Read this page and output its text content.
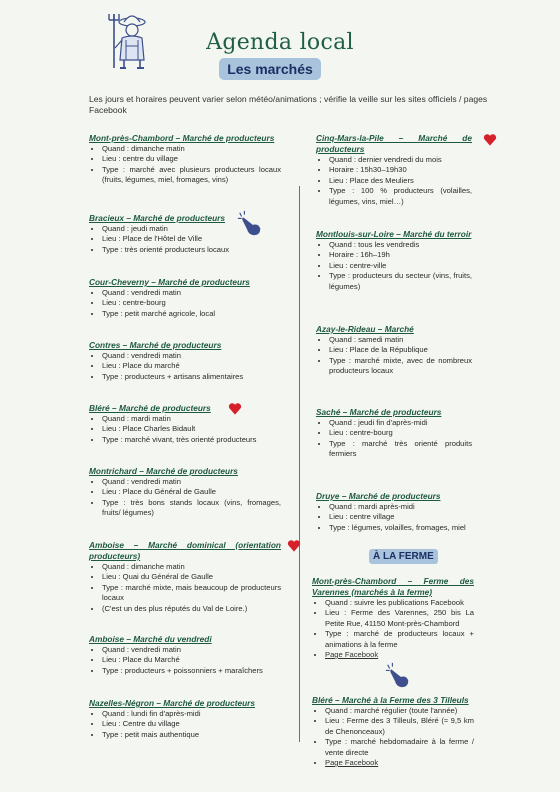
Agenda local
Les marchés
Les jours et horaires peuvent varier selon météo/animations ; vérifie la veille sur les sites officiels / pages Facebook
Mont-près-Chambord – Marché de producteurs
• Quand : dimanche matin
• Lieu : centre du village
• Type : marché avec plusieurs producteurs locaux (fruits, légumes, miel, fromages, vins)
Bracieux – Marché de producteurs
• Quand : jeudi matin
• Lieu : Place de l'Hôtel de Ville
• Type : très orienté producteurs locaux
Cour-Cheverny – Marché de producteurs
• Quand : vendredi matin
• Lieu : centre-bourg
• Type : petit marché agricole, local
Contres – Marché de producteurs
• Quand : vendredi matin
• Lieu : Place du marché
• Type : producteurs + artisans alimentaires
Bléré – Marché de producteurs
• Quand : mardi matin
• Lieu : Place Charles Bidault
• Type : marché vivant, très orienté producteurs
Montrichard – Marché de producteurs
• Quand : vendredi matin
• Lieu : Place du Général de Gaulle
• Type : très bons stands locaux (vins, fromages, fruits/ légumes)
Amboise – Marché dominical (orientation producteurs)
• Quand : dimanche matin
• Lieu : Quai du Général de Gaulle
• Type : marché mixte, mais beaucoup de producteurs locaux
• (C'est un des plus réputés du Val de Loire.)
Amboise – Marché du vendredi
• Quand : vendredi matin
• Lieu : Place du Marché
• Type : producteurs + poissonniers + maraîchers
Nazelles-Négron – Marché de producteurs
• Quand : lundi fin d'après-midi
• Lieu : Centre du village
• Type : petit mais authentique
Cinq-Mars-la-Pile – Marché de producteurs
• Quand : dernier vendredi du mois
• Horaire : 15h30–19h30
• Lieu : Place des Meuliers
• Type : 100 % producteurs (volailles, légumes, vins, miel…)
Montlouis-sur-Loire – Marché du terroir
• Quand : tous les vendredis
• Horaire : 16h–19h
• Lieu : centre-ville
• Type : producteurs du secteur (vins, fruits, légumes)
Azay-le-Rideau – Marché
• Quand : samedi matin
• Lieu : Place de la République
• Type : marché mixte, avec de nombreux producteurs locaux
Saché – Marché de producteurs
• Quand : jeudi fin d'après-midi
• Lieu : centre-bourg
• Type : marché très orienté produits fermiers
Druye – Marché de producteurs
• Quand : mardi après-midi
• Lieu : centre village
• Type : légumes, volailles, fromages, miel
À LA FERME
Mont-près-Chambord – Ferme des Varennes (marchés à la ferme)
• Quand : suivre les publications Facebook
• Lieu : Ferme des Varennes, 250 bis La Petite Rue, 41150 Mont-près-Chambord
• Type : marché de producteurs locaux + animations à la ferme
• Page Facebook
Bléré – Marché à la Ferme des 3 Tilleuls
• Quand : marché régulier (toute l'année)
• Lieu : Ferme des 3 Tilleuls, Bléré (≈ 9,5 km de Chenonceaux)
• Type : marché hebdomadaire à la ferme / vente directe
• Page Facebook
